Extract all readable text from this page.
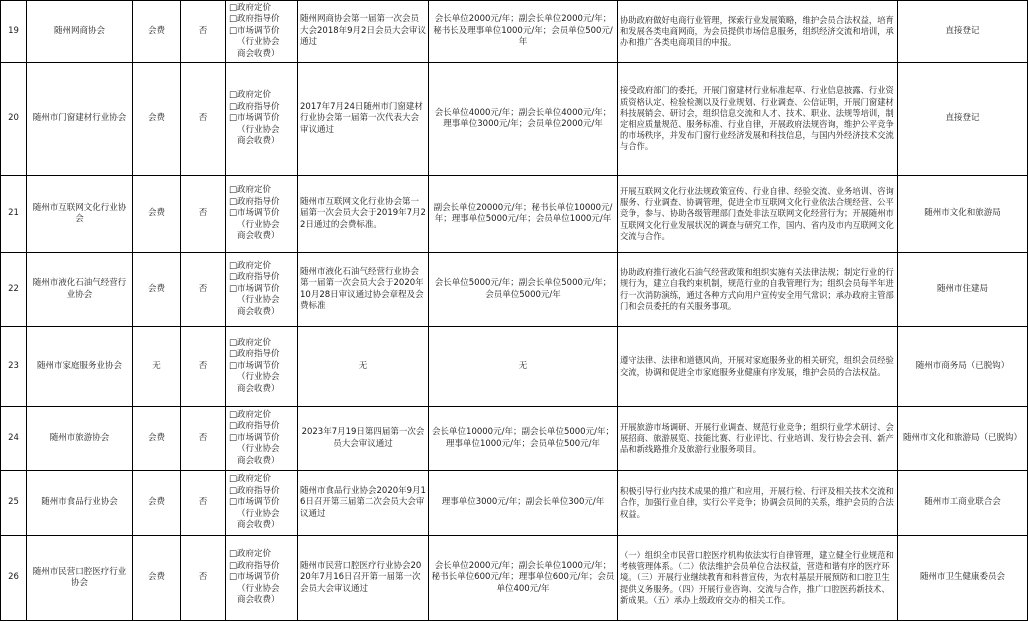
19	随州网商协会	会费	否	□政府定价
□政府指导价
□市场调节价
（行业协会
商会收费）	随州网商协会第一届第一次会员大会2018年9月2日会员大会审议通过	会长单位2000元/年；副会长单位2000元/年；秘书长及理事单位1000元/年；会员单位500元/年	协助政府做好电商行业管理，探索行业发展策略，维护会员合法权益，培育和发展各类电商网商，为会员提供市场信息服务，组织经济交流和培训，承办和推广各类电商项目的申报。	直接登记
20	随州市门窗建材行业协会	会费	否	□政府定价
□政府指导价
□市场调节价
（行业协会
商会收费）	2017年7月24日随州市门窗建材行业协会第一届第一次代表大会审议通过	会长单位4000元/年；副会长单位4000元/年；理事单位3000元/年；会员单位2000元/年	接受政府部门的委托，开展门窗建材行业标准起草、行业信息披露、行业资质资格认定、检验检测以及行业规划、行业调查、公信证明，开展门窗建材科技展销会、研讨会，组织信息交流和人才、技术、职业、法规等培训，制定相应质量规范、服务标准、行业自律，开展政府法规咨询，维护公平竞争的市场秩序，并发布门窗行业经济发展和科技信息，与国内外经济技术交流与合作。	直接登记
21	随州市互联网文化行业协会	会费	否	□政府定价
□政府指导价
□市场调节价
（行业协会
商会收费）	随州市互联网文化行业协会第一届第一次会员大会于2019年7月22日通过的会费标准。	副会长单位20000元/年；秘书长单位10000元/年；理事单位5000元/年；会员单位1000元/年	开展互联网文化行业法规政策宣传、行业自律、经验交流、业务培训、咨询服务、行业调查、协调管理，促进全市互联网文化行业依法合规经营、公平竞争，参与、协助各级管理部门查处非法互联网文化经营行为；开展随州市互联网文化行业发展状况的调查与研究工作，国内、省内及市内互联网文化交流与合作。	随州市文化和旅游局
22	随州市液化石油气经营行业协会	会费	否	□政府定价
□政府指导价
□市场调节价
（行业协会
商会收费）	随州市液化石油气经营行业协会第一届第一次会员大会于2020年10月28日审议通过协会章程及会费标准	会长单位5000元/年；副会长单位5000元/年；会员单位5000元/年	协助政府推行液化石油气经营政策和组织实施有关法律法规；制定行业的行规行为，建立自我约束机制，规范行业的自我管理行为；组织会员每半年进行一次消防演练，通过各种方式向用户宣传安全用气常识；承办政府主管部门和会员委托的有关服务事项。	随州市住建局
23	随州市家庭服务业协会	无	否	□政府定价
□政府指导价
□市场调节价
（行业协会
商会收费）	无	无	遵守法律、法律和道德风尚，开展对家庭服务业的相关研究，组织会员经验交流，协调和促进全市家庭服务业健康有序发展，维护会员的合法权益。	随州市商务局（已脱钩）
24	随州市旅游协会	会费	否	□政府定价
□政府指导价
□市场调节价
（行业协会
商会收费）	2023年7月19日第四届第一次会员大会审议通过	会长单位10000元/年；副会长单位5000元/年；理事单位1000元/年；会员单位500元/年	开展旅游市场调研、开展行业调查、规范行业竞争；组织行业学术研讨、会展招商、旅游展览、技能比赛、行业评比、行业培训、发行协会会刊、新产品和新线路推介及旅游行业服务项目。	随州市文化和旅游局（已脱钩）
25	随州市食品行业协会	会费	否	□政府定价
□政府指导价
□市场调节价
（行业协会
商会收费）	随州市食品行业协会2020年9月16日召开第三届第二次会员大会审议通过	理事单位3000元/年；副会长单位300元/年	积极引导行业内技术成果的推广和应用，开展行检、行评及相关技术交流和合作，加强行业自律，实行公平竞争；协调会员间的关系，维护会员的合法权益。	随州市工商业联合会
26	随州市民营口腔医疗行业协会	会费	否	□政府定价
□政府指导价
□市场调节价
（行业协会
商会收费）	随州市民营口腔医疗行业协会2020年7月16日召开第一届第一次会员大会审议通过	会长单位2000元/年；副会长单位1000元/年；秘书长单位600元/年；理事单位600元/年；会员单位400元/年	（一）组织全市民营口腔医疗机构依法实行自律管理，建立健全行业规范和考核管理体系。（二）依法维护会员单位合法权益，营造和谐有序的医疗环境。（三）开展行业继续教育和科普宣传，为农村基层开展预防和口腔卫生提供义务服务。（四）开展行业咨询、交流与合作，推广口腔医药新技术、新成果。（五）承办上级政府交办的相关工作。	随州市卫生健康委员会
